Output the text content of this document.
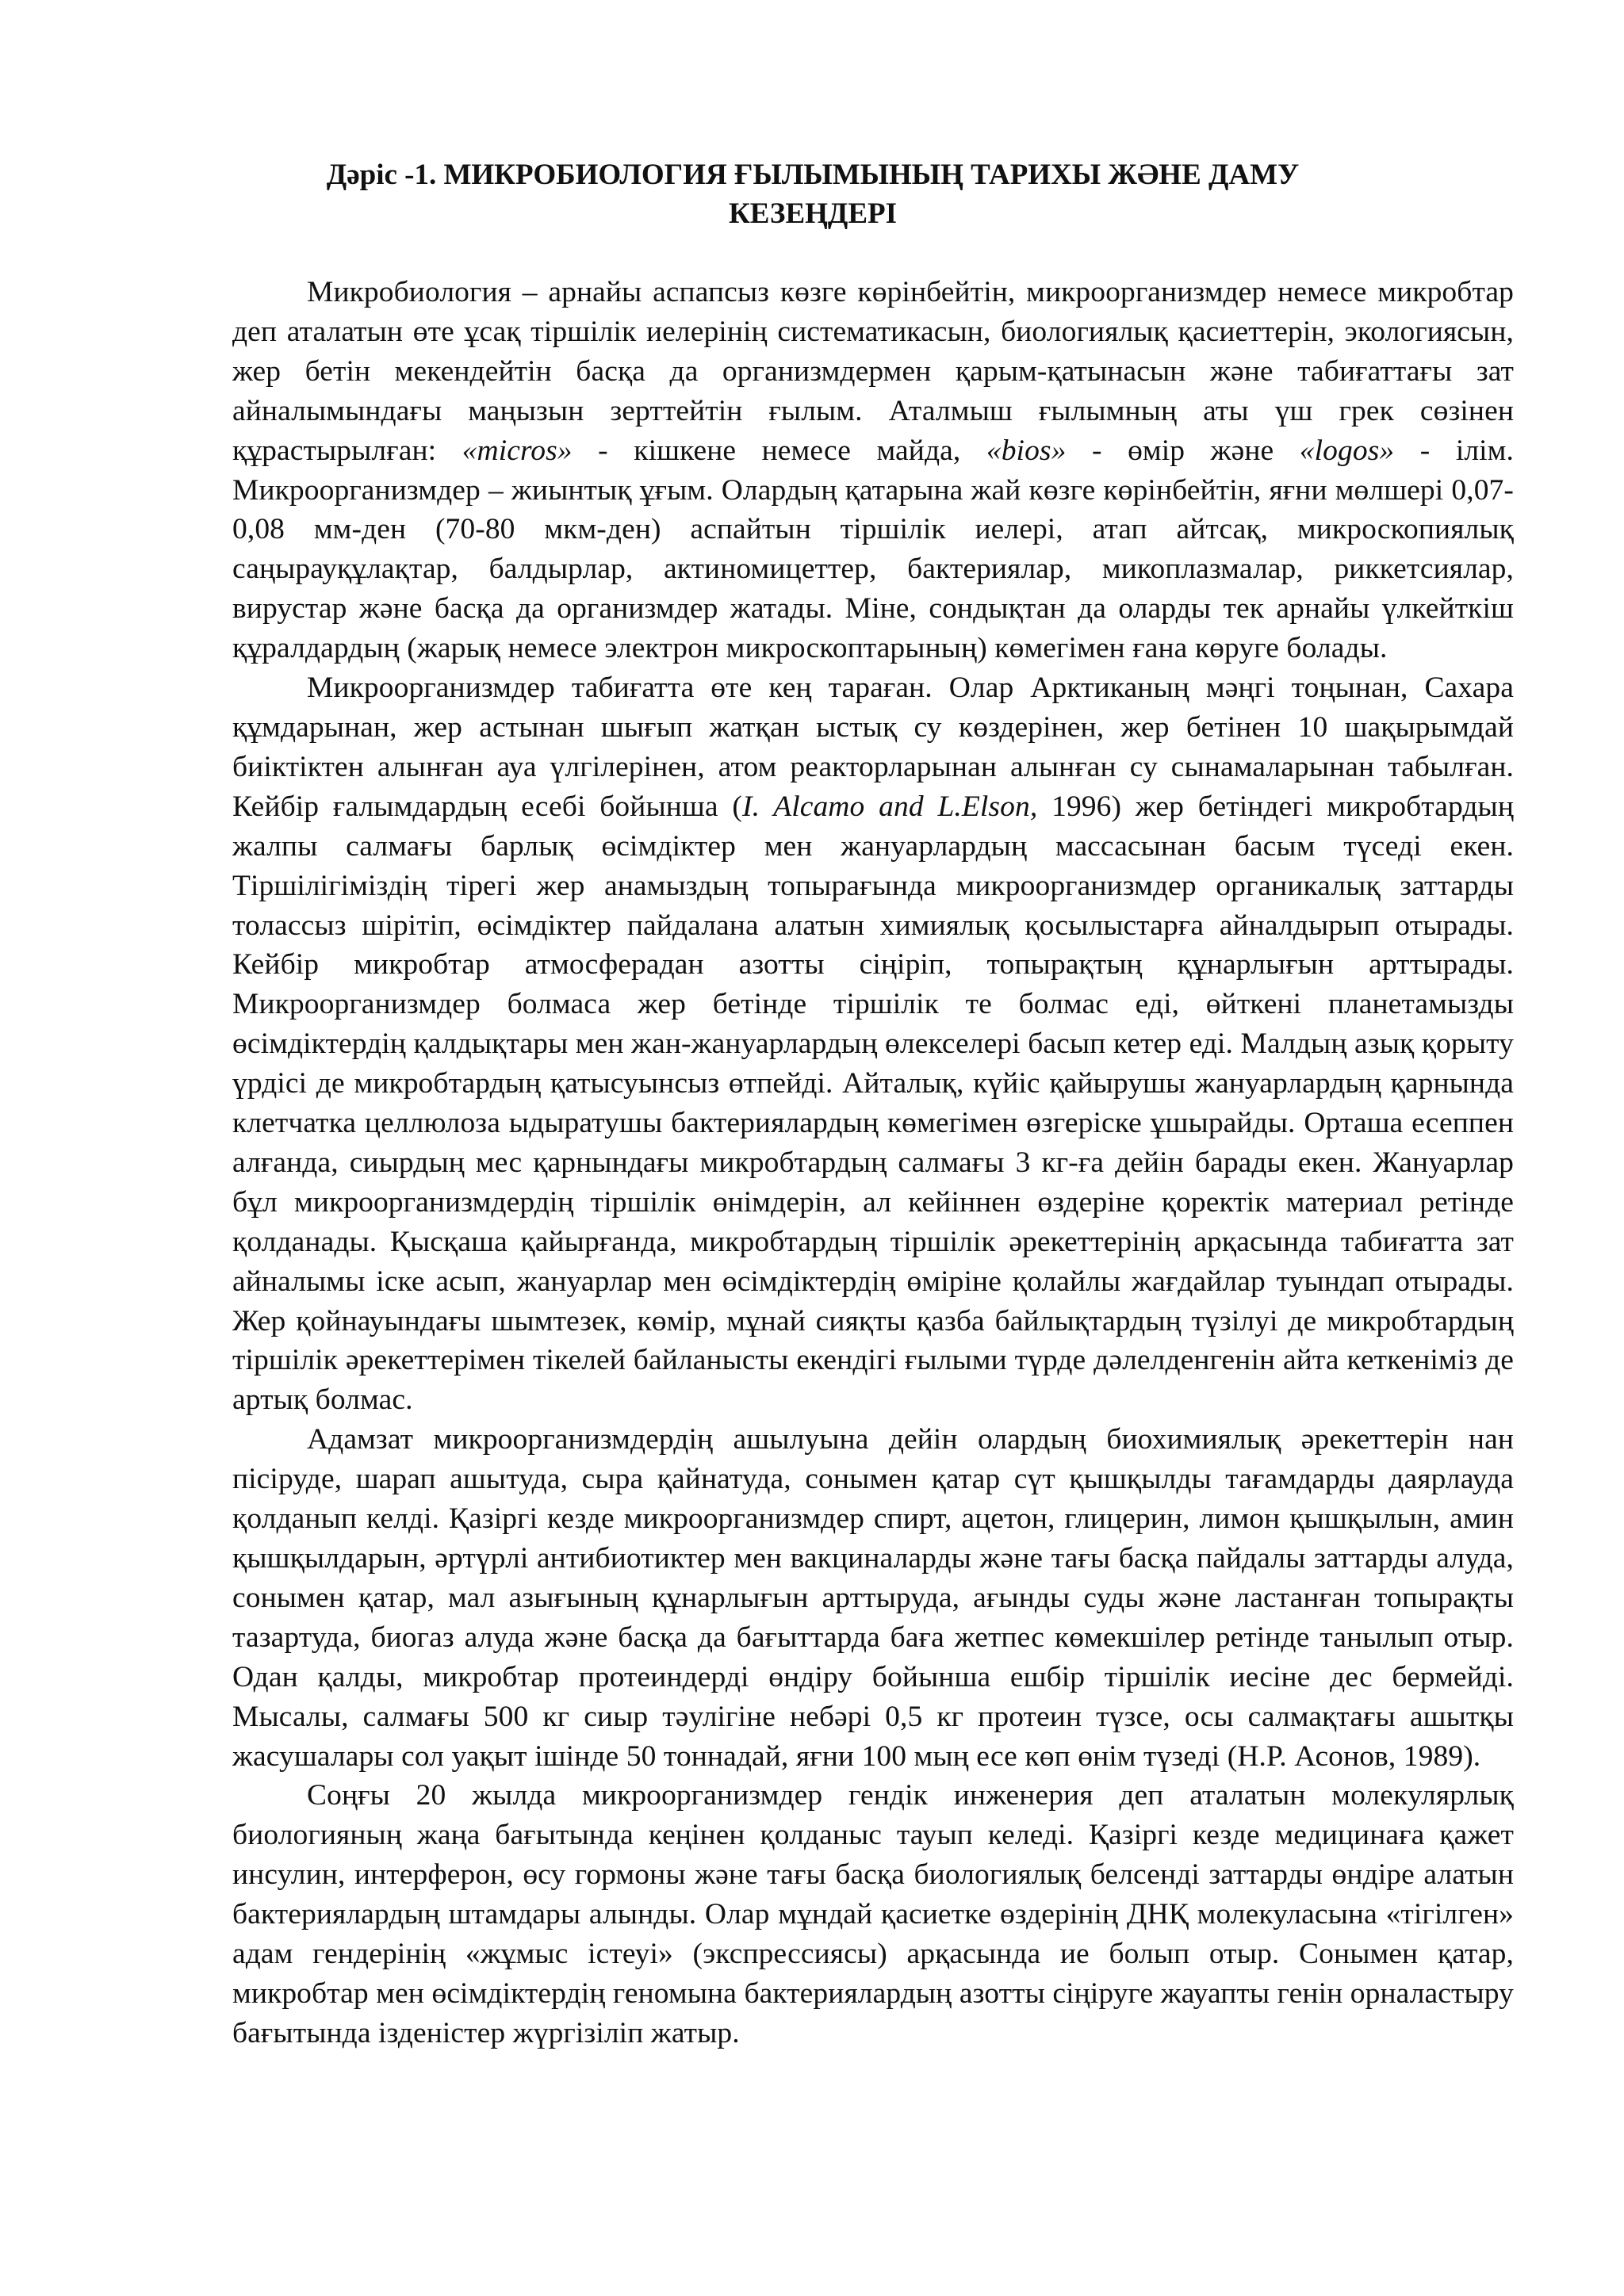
Дәріс -1. МИКРОБИОЛОГИЯ ҒЫЛЫМЫНЫҢ ТАРИХЫ ЖӘНЕ ДАМУ
КЕЗЕҢДЕРІ

Микробиология – арнайы аспапсыз көзге көрінбейтін, микроорганизмдер немесе микробтар деп аталатын өте ұсақ тіршілік иелерінің систематикасын, биологиялық қасиеттерін, экологиясын, жер бетін мекендейтін басқа да организмдермен қарым-қатынасын және табиғаттағы зат айналымындағы маңызын зерттейтін ғылым. Аталмыш ғылымның аты үш грек сөзінен құрастырылған: «micros» - кішкене немесе майда, «bios» - өмір және «logos» - ілім. Микроорганизмдер – жиынтық ұғым. Олардың қатарына жай көзге көрінбейтін, яғни мөлшері 0,07-0,08 мм-ден (70-80 мкм-ден) аспайтын тіршілік иелері, атап айтсақ, микроскопиялық саңырауқұлақтар, балдырлар, актиномицеттер, бактериялар, микоплазмалар, риккетсиялар, вирустар және басқа да организмдер жатады. Міне, сондықтан да оларды тек арнайы үлкейткіш құралдардың (жарық немесе электрон микроскоптарының) көмегімен ғана көруге болады.

Микроорганизмдер табиғатта өте кең тараған. Олар Арктиканың мәңгі тоңынан, Сахара құмдарынан, жер астынан шығып жатқан ыстық су көздерінен, жер бетінен 10 шақырымдай биіктіктен алынған ауа үлгілерінен, атом реакторларынан алынған су сынамаларынан табылған. Кейбір ғалымдардың есебі бойынша (I. Alcamo and L.Elson, 1996) жер бетіндегі микробтардың жалпы салмағы барлық өсімдіктер мен жануарлардың массасынан басым түседі екен. Тіршілігіміздің тірегі жер анамыздың топырағында микроорганизмдер органикалық заттарды толассыз шірітіп, өсімдіктер пайдалана алатын химиялық қосылыстарға айналдырып отырады. Кейбір микробтар атмосферадан азотты сіңіріп, топырақтың құнарлығын арттырады. Микроорганизмдер болмаса жер бетінде тіршілік те болмас еді, өйткені планетамызды өсімдіктердің қалдықтары мен жан-жануарлардың өлекселері басып кетер еді. Малдың азық қорыту үрдісі де микробтардың қатысуынсыз өтпейді. Айталық, күйіс қайырушы жануарлардың қарнында клетчатка целлюлоза ыдыратушы бактериялардың көмегімен өзгеріске ұшырайды. Орташа есеппен алғанда, сиырдың мес қарнындағы микробтардың салмағы 3 кг-ға дейін барады екен. Жануарлар бұл микроорганизмдердің тіршілік өнімдерін, ал кейіннен өздеріне қоректік материал ретінде қолданады. Қысқаша қайырғанда, микробтардың тіршілік әрекеттерінің арқасында табиғатта зат айналымы іске асып, жануарлар мен өсімдіктердің өміріне қолайлы жағдайлар туындап отырады. Жер қойнауындағы шымтезек, көмір, мұнай сияқты қазба байлықтардың түзілуі де микробтардың тіршілік әрекеттерімен тікелей байланысты екендігі ғылыми түрде дәлелденгенін айта кеткеніміз де артық болмас.

Адамзат микроорганизмдердің ашылуына дейін олардың биохимиялық әрекеттерін нан пісіруде, шарап ашытуда, сыра қайнатуда, сонымен қатар сүт қышқылды тағамдарды даярлауда қолданып келді. Қазіргі кезде микроорганизмдер спирт, ацетон, глицерин, лимон қышқылын, амин қышқылдарын, әртүрлі антибиотиктер мен вакциналарды және тағы басқа пайдалы заттарды алуда, сонымен қатар, мал азығының құнарлығын арттыруда, ағынды суды және ластанған топырақты тазартуда, биогаз алуда және басқа да бағыттарда баға жетпес көмекшілер ретінде танылып отыр. Одан қалды, микробтар протеиндерді өндіру бойынша ешбір тіршілік иесіне дес бермейді. Мысалы, салмағы 500 кг сиыр тәулігіне небәрі 0,5 кг протеин түзсе, осы салмақтағы ашытқы жасушалары сол уақыт ішінде 50 тоннадай, яғни 100 мың есе көп өнім түзеді (Н.Р. Асонов, 1989).

Соңғы 20 жылда микроорганизмдер гендік инженерия деп аталатын молекулярлық биологияның жаңа бағытында кеңінен қолданыс тауып келеді. Қазіргі кезде медицинаға қажет инсулин, интерферон, өсу гормоны және тағы басқа биологиялық белсенді заттарды өндіре алатын бактериялардың штамдары алынды. Олар мұндай қасиетке өздерінің ДНҚ молекуласына «тігілген» адам гендерінің «жұмыс істеуі» (экспрессиясы) арқасында ие болып отыр. Сонымен қатар, микробтар мен өсімдіктердің геномына бактериялардың азотты сіңіруге жауапты генін орналастыру бағытында ізденістер жүргізіліп жатыр.
